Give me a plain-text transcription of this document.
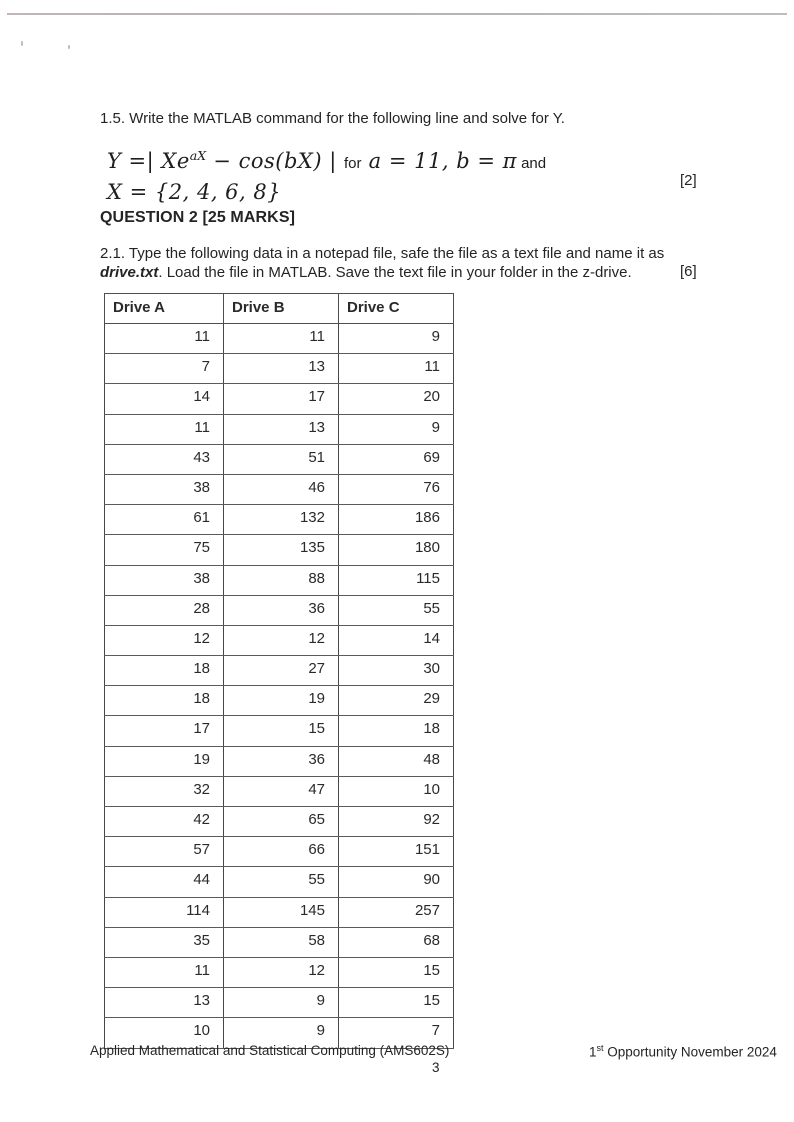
1.5. Write the MATLAB command for the following line and solve for Y.
Y =| $Xe^{aX} - \cos(bX)$ | for a = 11, b = π and
X = {2, 4, 6, 8}	[2]
QUESTION 2 [25 MARKS]
2.1. Type the following data in a notepad file, safe the file as a text file and name it as
drive.txt. Load the file in MATLAB. Save the text file in your folder in the z-drive.	[6]
Drive A	Drive B	Drive C
11	11	9
7	13	11
14	17	20
11	13	9
43	51	69
38	46	76
61	132	186
75	135	180
38	88	115
28	36	55
12	12	14
18	27	30
18	19	29
17	15	18
19	36	48
32	47	10
42	65	92
57	66	151
44	55	90
114	145	257
35	58	68
11	12	15
13	9	15
10	9	7
Applied Mathematical and Statistical Computing (AMS602S)	1st Opportunity November 2024
3
